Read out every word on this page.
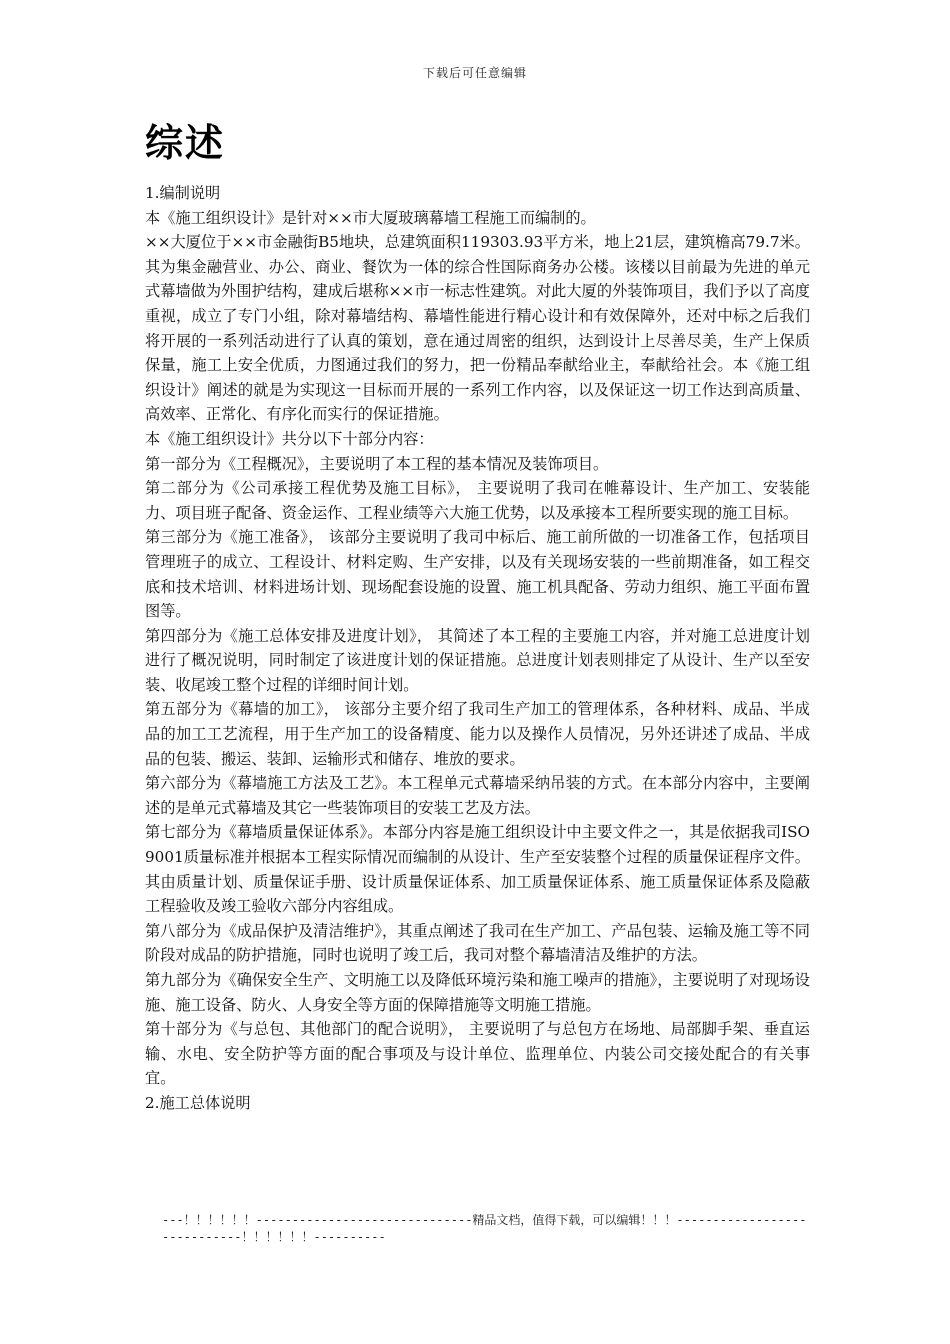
下载后可任意编辑
综述

1.编制说明

本《施工组织设计》是针对××市大厦玻璃幕墙工程施工而编制的。

××大厦位于××市金融街B5地块，总建筑面积119303.93平方米，地上21层，建筑檐高79.7米。其为集金融营业、办公、商业、餐饮为一体的综合性国际商务办公楼。该楼以目前最为先进的单元式幕墙做为外围护结构，建成后堪称××市一标志性建筑。对此大厦的外装饰项目，我们予以了高度重视，成立了专门小组，除对幕墙结构、幕墙性能进行精心设计和有效保障外，还对中标之后我们将开展的一系列活动进行了认真的策划，意在通过周密的组织，达到设计上尽善尽美，生产上保质保量，施工上安全优质，力图通过我们的努力，把一份精品奉献给业主，奉献给社会。本《施工组织设计》阐述的就是为实现这一目标而开展的一系列工作内容，以及保证这一切工作达到高质量、高效率、正常化、有序化而实行的保证措施。

本《施工组织设计》共分以下十部分内容：

第一部分为《工程概况》，主要说明了本工程的基本情况及装饰项目。

第二部分为《公司承接工程优势及施工目标》， 主要说明了我司在帷幕设计、生产加工、安装能力、项目班子配备、资金运作、工程业绩等六大施工优势，以及承接本工程所要实现的施工目标。

第三部分为《施工准备》， 该部分主要说明了我司中标后、施工前所做的一切准备工作，包括项目管理班子的成立、工程设计、材料定购、生产安排，以及有关现场安装的一些前期准备，如工程交底和技术培训、材料进场计划、现场配套设施的设置、施工机具配备、劳动力组织、施工平面布置图等。

第四部分为《施工总体安排及进度计划》， 其简述了本工程的主要施工内容，并对施工总进度计划进行了概况说明，同时制定了该进度计划的保证措施。总进度计划表则排定了从设计、生产以至安装、收尾竣工整个过程的详细时间计划。

第五部分为《幕墙的加工》， 该部分主要介绍了我司生产加工的管理体系，各种材料、成品、半成品的加工工艺流程，用于生产加工的设备精度、能力以及操作人员情况，另外还讲述了成品、半成品的包装、搬运、装卸、运输形式和储存、堆放的要求。

第六部分为《幕墙施工方法及工艺》。本工程单元式幕墙采纳吊装的方式。在本部分内容中，主要阐述的是单元式幕墙及其它一些装饰项目的安装工艺及方法。

第七部分为《幕墙质量保证体系》。本部分内容是施工组织设计中主要文件之一，其是依据我司ISO9001质量标准并根据本工程实际情况而编制的从设计、生产至安装整个过程的质量保证程序文件。其由质量计划、质量保证手册、设计质量保证体系、加工质量保证体系、施工质量保证体系及隐蔽工程验收及竣工验收六部分内容组成。

第八部分为《成品保护及清洁维护》，其重点阐述了我司在生产加工、产品包装、运输及施工等不同阶段对成品的防护措施，同时也说明了竣工后，我司对整个幕墙清洁及维护的方法。

第九部分为《确保安全生产、文明施工以及降低环境污染和施工噪声的措施》，主要说明了对现场设施、施工设备、防火、人身安全等方面的保障措施等文明施工措施。

第十部分为《与总包、其他部门的配合说明》， 主要说明了与总包方在场地、局部脚手架、垂直运输、水电、安全防护等方面的配合事项及与设计单位、监理单位、内装公司交接处配合的有关事宜。

2.施工总体说明

---！！！！！！------------------------------精品文档，值得下载，可以编辑！！！-----------------------------！！！！！！----------
